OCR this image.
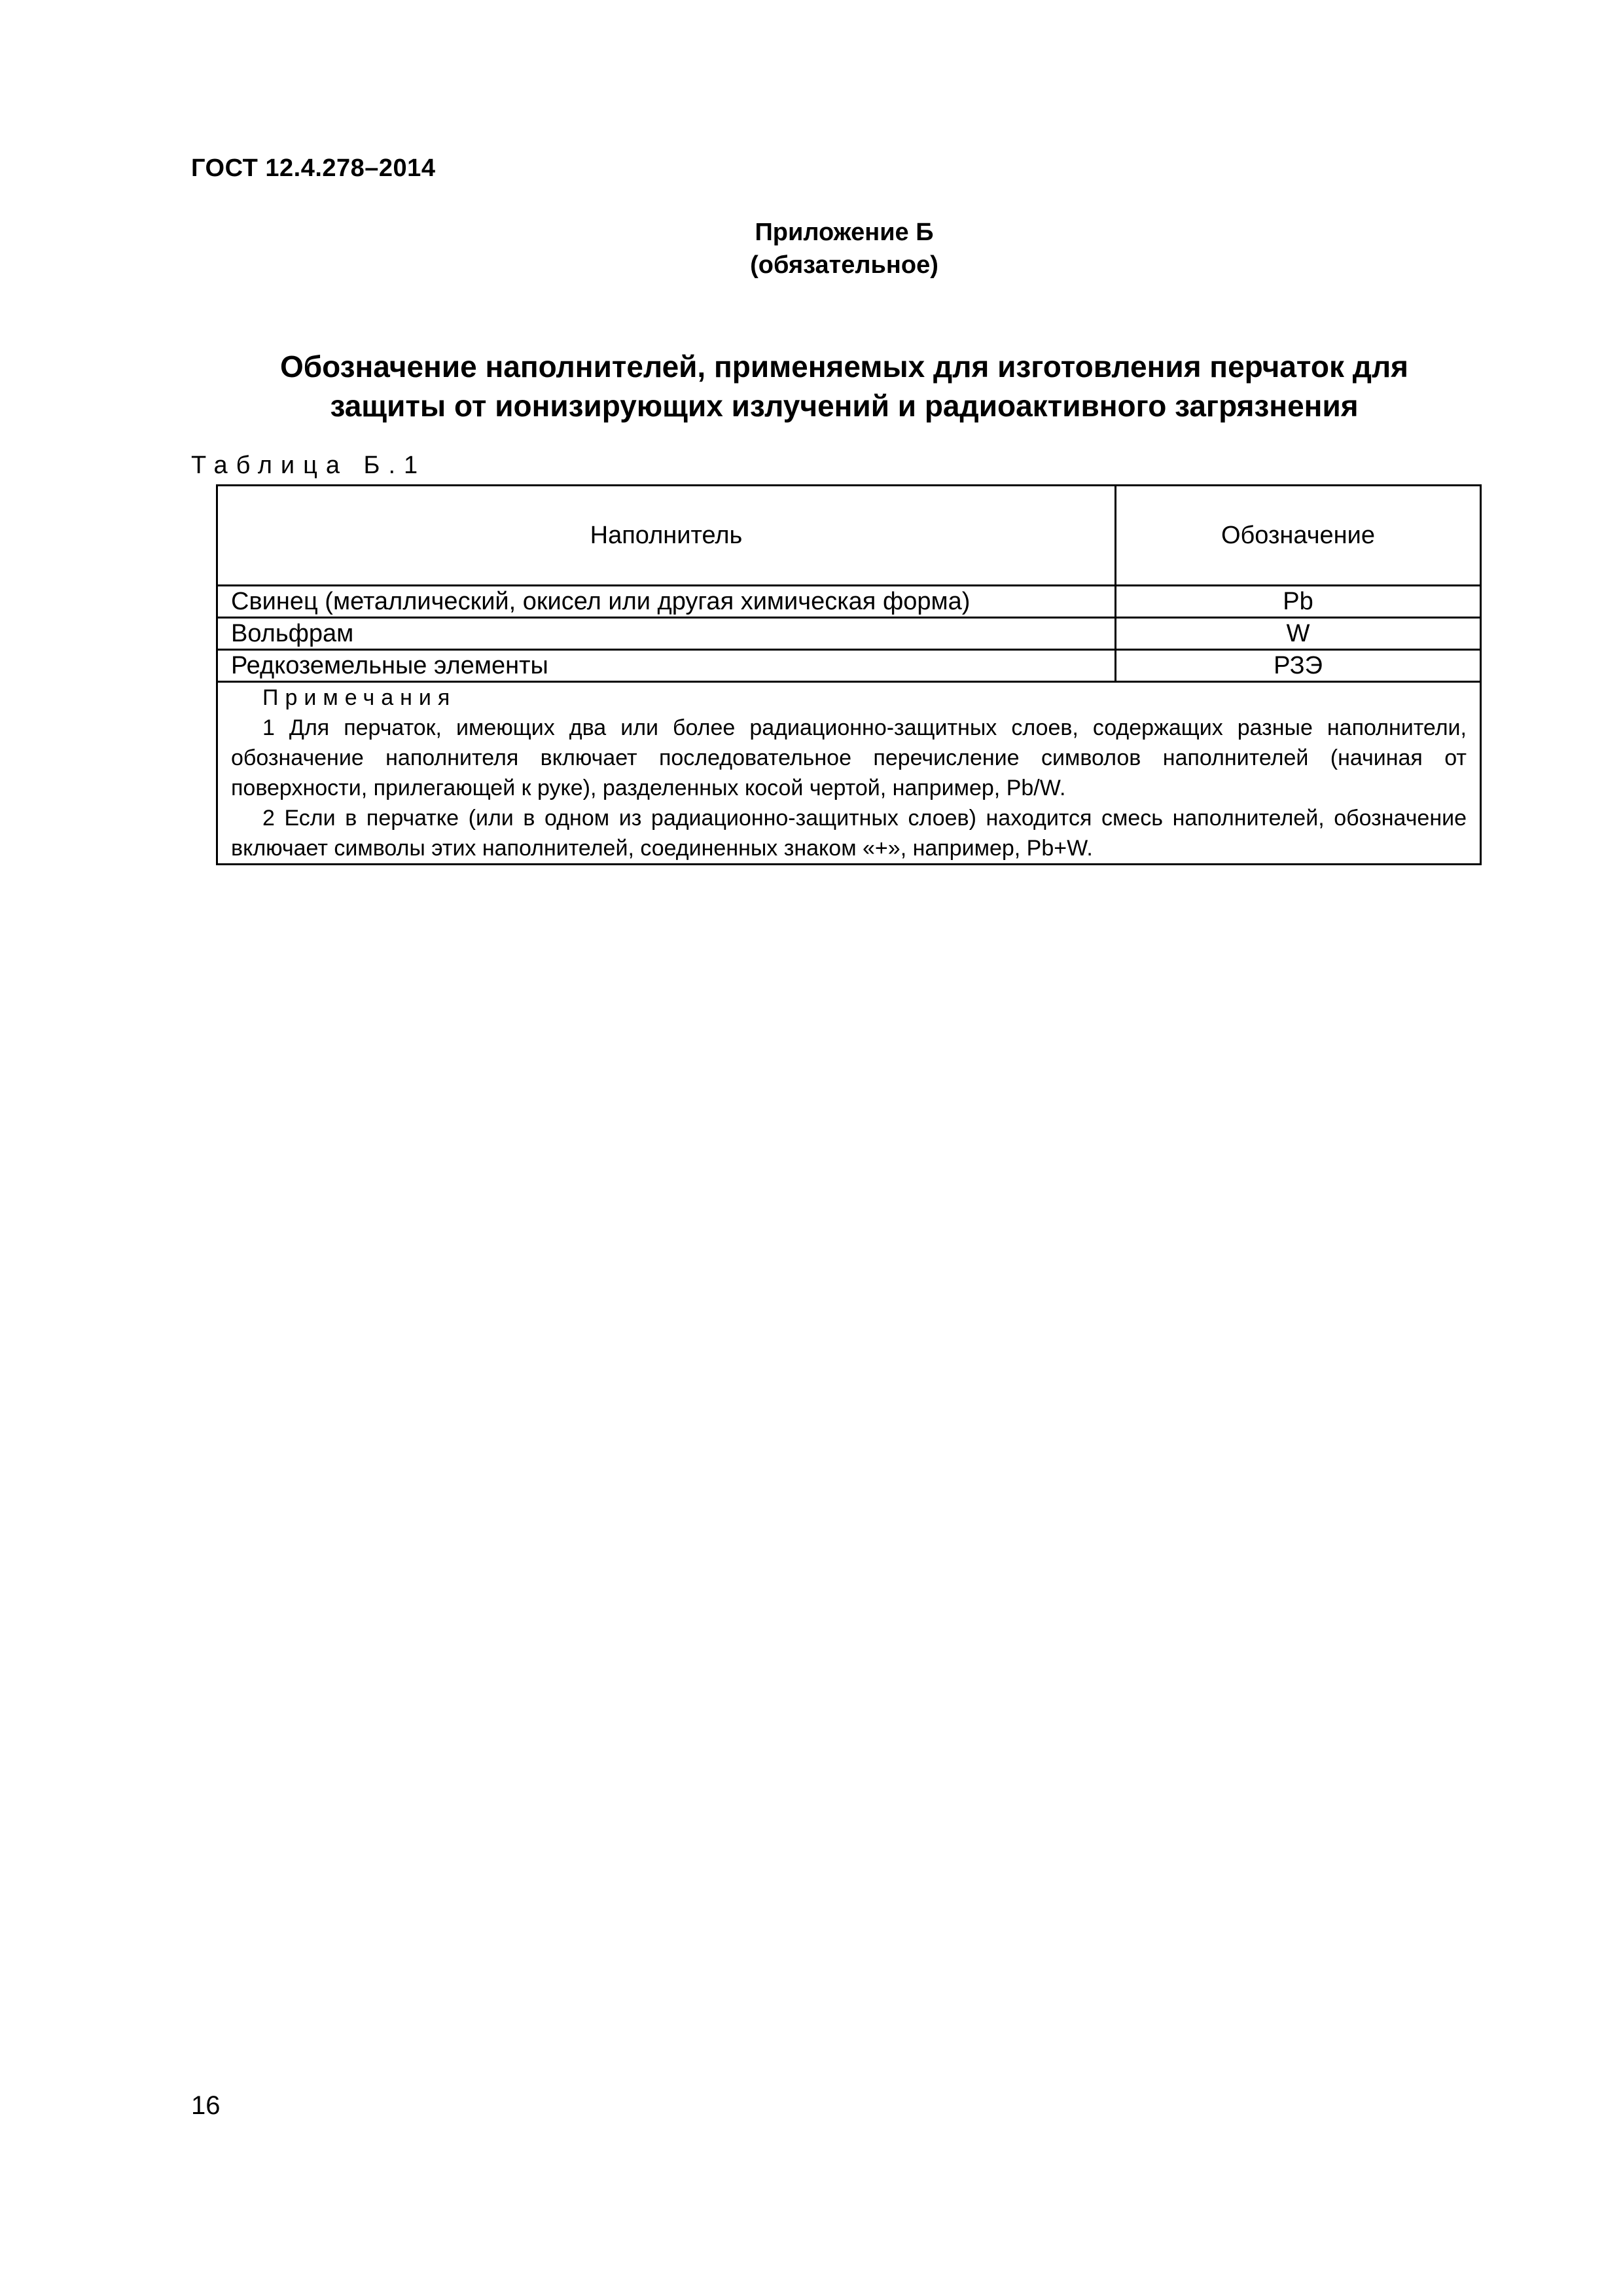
ГОСТ 12.4.278–2014
Приложение Б
(обязательное)
Обозначение наполнителей, применяемых для изготовления перчаток для
защиты от ионизирующих излучений и радиоактивного загрязнения
Таблица Б.1
Наполнитель	Обозначение
Свинец (металлический, окисел или другая химическая форма)	Pb
Вольфрам	W
Редкоземельные элементы	РЗЭ

Примечания

1 Для перчаток, имеющих два или более радиационно-защитных слоев, содержащих разные наполнители, обозначение наполнителя включает последовательное перечисление символов наполнителей (начиная от поверхности, прилегающей к руке), разделенных косой чертой, например, Pb/W.

2 Если в перчатке (или в одном из радиационно-защитных слоев) находится смесь наполнителей, обозначение включает символы этих наполнителей, соединенных знаком «+», например, Pb+W.	

16
